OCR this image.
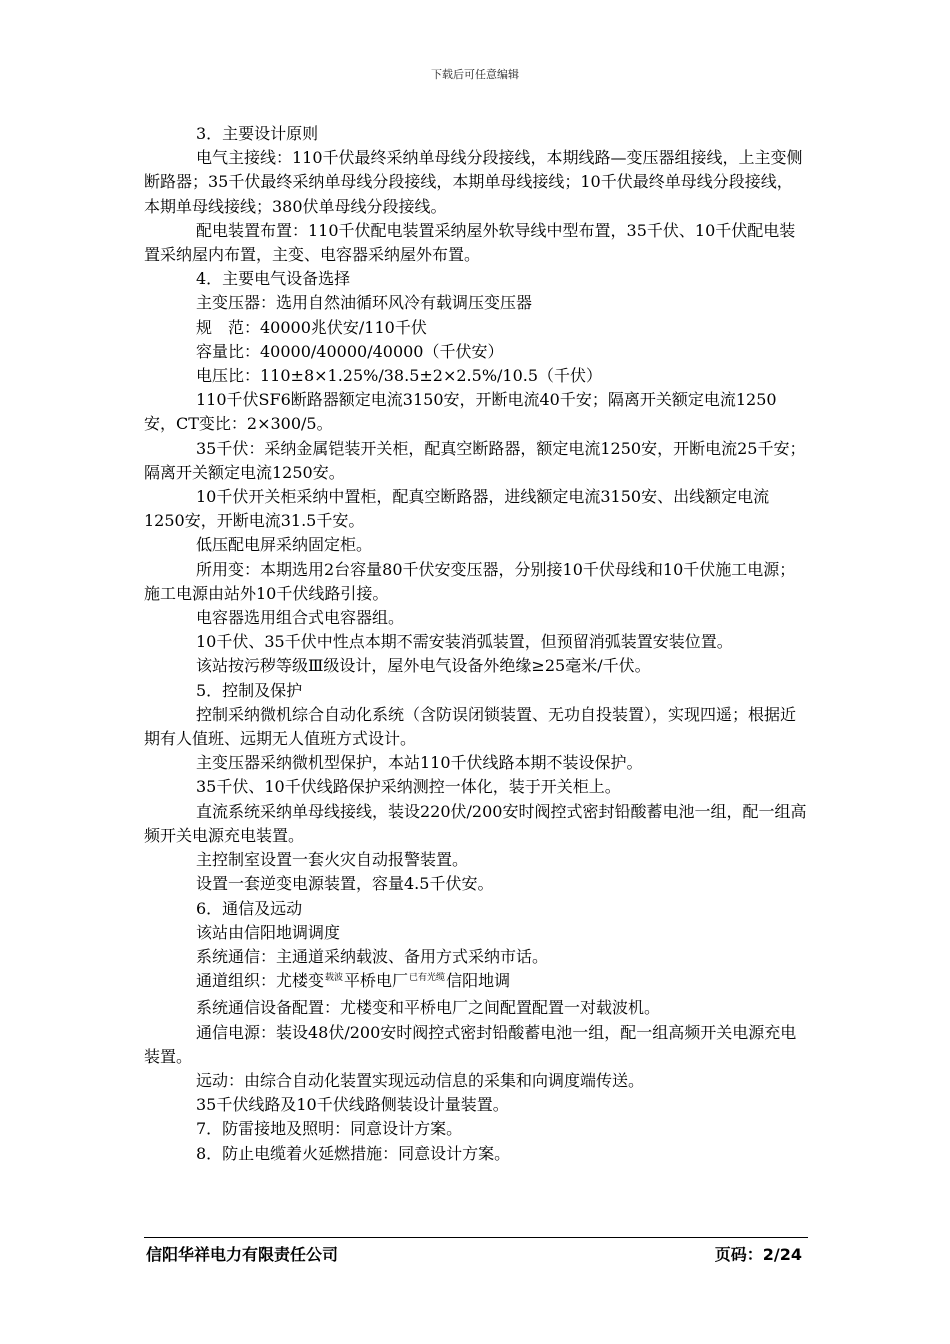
下载后可任意编辑

3．主要设计原则

电气主接线：110千伏最终采纳单母线分段接线，本期线路—变压器组接线，上主变侧断路器；35千伏最终采纳单母线分段接线，本期单母线接线；10千伏最终单母线分段接线，本期单母线接线；380伏单母线分段接线。

配电装置布置：110千伏配电装置采纳屋外软导线中型布置，35千伏、10千伏配电装置采纳屋内布置，主变、电容器采纳屋外布置。

4．主要电气设备选择

主变压器：选用自然油循环风冷有载调压变压器

规　范：40000兆伏安/110千伏

容量比：40000/40000/40000（千伏安）

电压比：110±8×1.25%/38.5±2×2.5%/10.5（千伏）

110千伏SF6断路器额定电流3150安，开断电流40千安；隔离开关额定电流1250安，CT变比：2×300/5。

35千伏：采纳金属铠装开关柜，配真空断路器，额定电流1250安，开断电流25千安；隔离开关额定电流1250安。

10千伏开关柜采纳中置柜，配真空断路器，进线额定电流3150安、出线额定电流1250安，开断电流31.5千安。

低压配电屏采纳固定柜。

所用变：本期选用2台容量80千伏安变压器，分别接10千伏母线和10千伏施工电源；施工电源由站外10千伏线路引接。

电容器选用组合式电容器组。

10千伏、35千伏中性点本期不需安装消弧装置，但预留消弧装置安装位置。

该站按污秽等级Ⅲ级设计，屋外电气设备外绝缘≥25毫米/千伏。

5．控制及保护

控制采纳微机综合自动化系统（含防误闭锁装置、无功自投装置），实现四遥；根据近期有人值班、远期无人值班方式设计。

主变压器采纳微机型保护，本站110千伏线路本期不装设保护。

35千伏、10千伏线路保护采纳测控一体化，装于开关柜上。

直流系统采纳单母线接线，装设220伏/200安时阀控式密封铅酸蓄电池一组，配一组高频开关电源充电装置。

主控制室设置一套火灾自动报警装置。

设置一套逆变电源装置，容量4.5千伏安。

6．通信及远动

该站由信阳地调调度

系统通信：主通道采纳载波、备用方式采纳市话。

通道组织：尤楼变$^{载波}$平桥电厂$^{已有光缆}$信阳地调

系统通信设备配置：尤楼变和平桥电厂之间配置配置一对载波机。

通信电源：装设48伏/200安时阀控式密封铅酸蓄电池一组，配一组高频开关电源充电装置。

远动：由综合自动化装置实现远动信息的采集和向调度端传送。

35千伏线路及10千伏线路侧装设计量装置。

7．防雷接地及照明：同意设计方案。

8．防止电缆着火延燃措施：同意设计方案。

信阳华祥电力有限责任公司	页码：2/24
